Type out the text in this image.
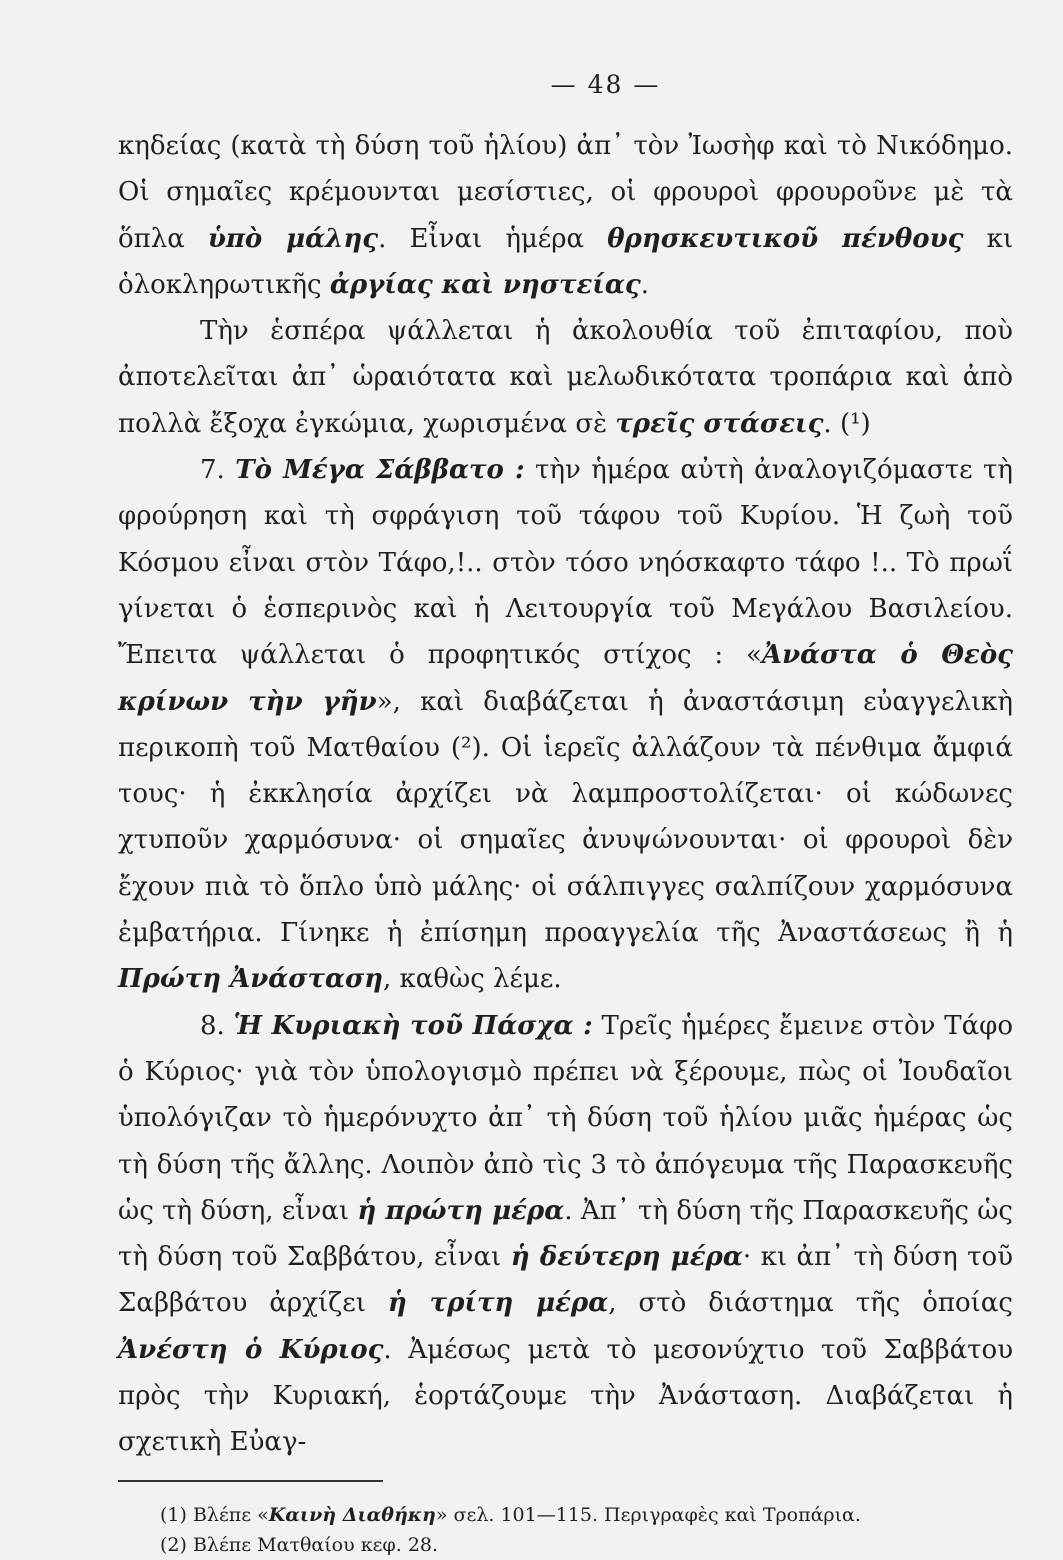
— 48 —

κηδείας (κατὰ τὴ δύση τοῦ ἡλίου) ἀπ᾽ τὸν Ἰωσὴφ καὶ τὸ Νικόδημο. Οἱ σημαῖες κρέμουνται μεσίστιες, οἱ φρουροὶ φρουροῦνε μὲ τὰ ὅπλα ὑπὸ μάλης. Εἶναι ἡμέρα θρησκευτικοῦ πένθους κι ὁλοκληρωτικῆς ἀργίας καὶ νηστείας.

Τὴν ἑσπέρα ψάλλεται ἡ ἀκολουθία τοῦ ἐπιταφίου, ποὺ ἀποτελεῖται ἀπ᾽ ὡραιότατα καὶ μελωδικότατα τροπάρια καὶ ἀπὸ πολλὰ ἔξοχα ἐγκώμια, χωρισμένα σὲ τρεῖς στάσεις. (¹)

7. Τὸ Μέγα Σάββατο : τὴν ἡμέρα αὐτὴ ἀναλογιζόμαστε τὴ φρούρηση καὶ τὴ σφράγιση τοῦ τάφου τοῦ Κυρίου. Ἡ ζωὴ τοῦ Κόσμου εἶναι στὸν Τάφο,!.. στὸν τόσο νηόσκαφτο τάφο !.. Τὸ πρωΐ γίνεται ὁ ἑσπερινὸς καὶ ἡ Λειτουργία τοῦ Μεγάλου Βασιλείου. Ἔπειτα ψάλλεται ὁ προφητικός στίχος : «Ἀνάστα ὁ Θεὸς κρίνων τὴν γῆν», καὶ διαβάζεται ἡ ἀναστάσιμη εὐαγγελικὴ περικοπὴ τοῦ Ματθαίου (²). Οἱ ἱερεῖς ἀλλάζουν τὰ πένθιμα ἄμφιά τους· ἡ ἐκκλησία ἀρχίζει νὰ λαμπροστολίζεται· οἱ κώδωνες χτυποῦν χαρμόσυνα· οἱ σημαῖες ἀνυψώνουνται· οἱ φρουροὶ δὲν ἔχουν πιὰ τὸ ὅπλο ὑπὸ μάλης· οἱ σάλπιγγες σαλπίζουν χαρμόσυνα ἐμβατήρια. Γίνηκε ἡ ἐπίσημη προαγγελία τῆς Ἀναστάσεως ἢ ἡ Πρώτη Ἀνάσταση, καθὼς λέμε.

8. Ἡ Κυριακὴ τοῦ Πάσχα : Τρεῖς ἡμέρες ἔμεινε στὸν Τάφο ὁ Κύριος· γιὰ τὸν ὑπολογισμὸ πρέπει νὰ ξέρουμε, πὼς οἱ Ἰουδαῖοι ὑπολόγιζαν τὸ ἡμερόνυχτο ἀπ᾽ τὴ δύση τοῦ ἡλίου μιᾶς ἡμέρας ὡς τὴ δύση τῆς ἄλλης. Λοιπὸν ἀπὸ τὶς 3 τὸ ἀπόγευμα τῆς Παρασκευῆς ὡς τὴ δύση, εἶναι ἡ πρώτη μέρα. Ἀπ᾽ τὴ δύση τῆς Παρασκευῆς ὡς τὴ δύση τοῦ Σαββάτου, εἶναι ἡ δεύτερη μέρα· κι ἀπ᾽ τὴ δύση τοῦ Σαββάτου ἀρχίζει ἡ τρίτη μέρα, στὸ διάστημα τῆς ὁποίας Ἀνέστη ὁ Κύριος. Ἀμέσως μετὰ τὸ μεσονύχτιο τοῦ Σαββάτου πρὸς τὴν Κυριακή, ἑορτάζουμε τὴν Ἀνάσταση. Διαβάζεται ἡ σχετικὴ Εὐαγ-

(1) Βλέπε «Καινὴ Διαθήκη» σελ. 101—115. Περιγραφὲς καὶ Τροπάρια.
(2) Βλέπε Ματθαίου κεφ. 28.
